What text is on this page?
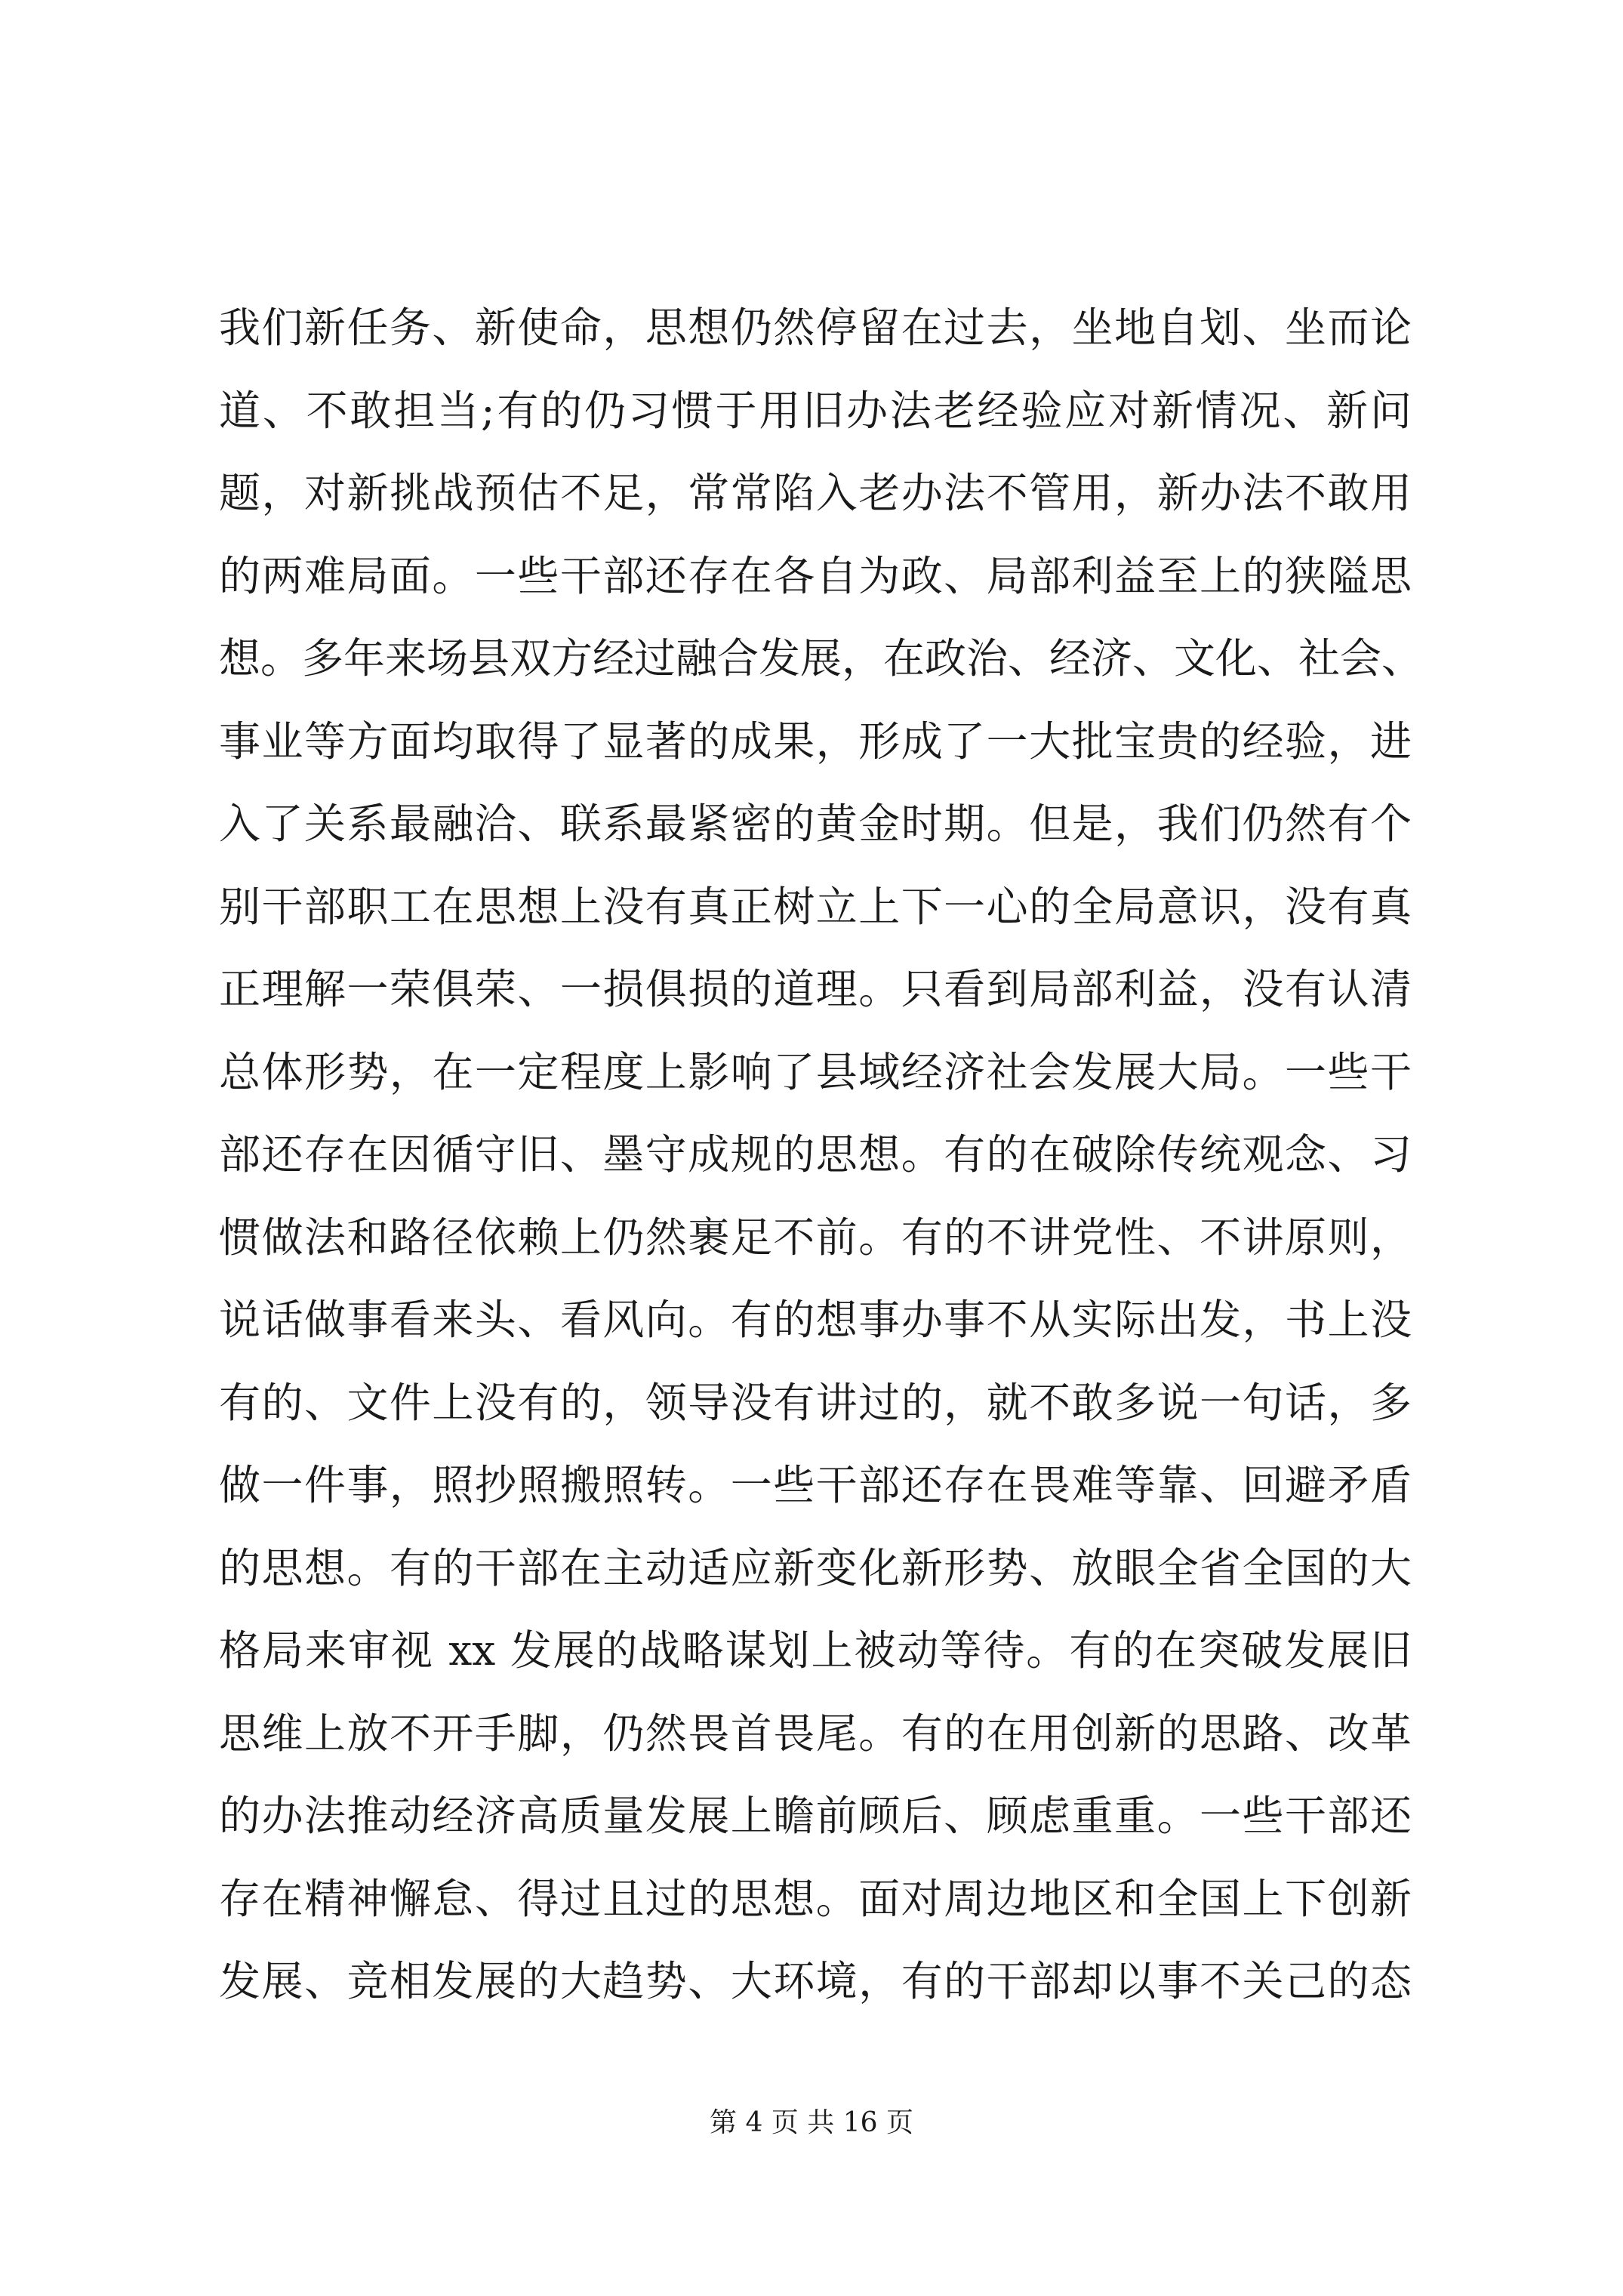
我们新任务、新使命，思想仍然停留在过去，坐地自划、坐而论
道、不敢担当;有的仍习惯于用旧办法老经验应对新情况、新问
题，对新挑战预估不足，常常陷入老办法不管用，新办法不敢用
的两难局面。一些干部还存在各自为政、局部利益至上的狭隘思
想。多年来场县双方经过融合发展，在政治、经济、文化、社会、
事业等方面均取得了显著的成果，形成了一大批宝贵的经验，进
入了关系最融洽、联系最紧密的黄金时期。但是，我们仍然有个
别干部职工在思想上没有真正树立上下一心的全局意识，没有真
正理解一荣俱荣、一损俱损的道理。只看到局部利益，没有认清
总体形势，在一定程度上影响了县域经济社会发展大局。一些干
部还存在因循守旧、墨守成规的思想。有的在破除传统观念、习
惯做法和路径依赖上仍然裹足不前。有的不讲党性、不讲原则，
说话做事看来头、看风向。有的想事办事不从实际出发，书上没
有的、文件上没有的，领导没有讲过的，就不敢多说一句话，多
做一件事，照抄照搬照转。一些干部还存在畏难等靠、回避矛盾
的思想。有的干部在主动适应新变化新形势、放眼全省全国的大
格局来审视 xx 发展的战略谋划上被动等待。有的在突破发展旧
思维上放不开手脚，仍然畏首畏尾。有的在用创新的思路、改革
的办法推动经济高质量发展上瞻前顾后、顾虑重重。一些干部还
存在精神懈怠、得过且过的思想。面对周边地区和全国上下创新
发展、竞相发展的大趋势、大环境，有的干部却以事不关己的态
第 4 页 共 16 页
